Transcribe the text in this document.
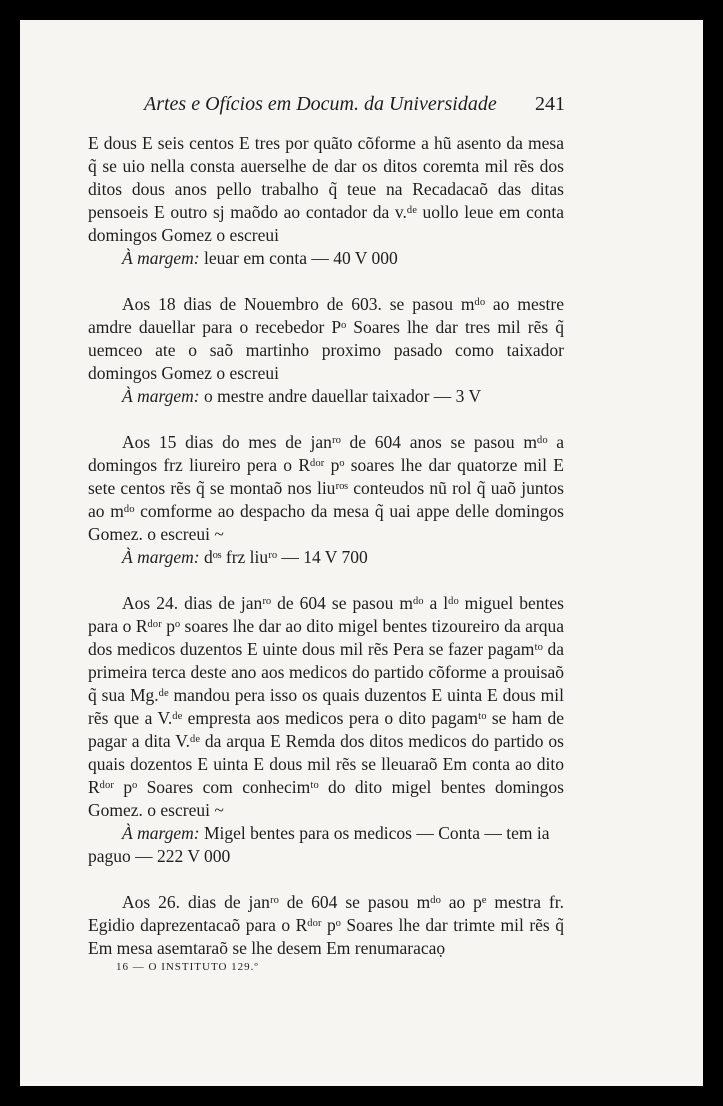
Artes e Ofícios em Docum. da Universidade	241

E dous E seis centos E tres por quãto cõforme a hũ asento da mesa q̃ se uio nella consta auerselhe de dar os ditos coremta mil rẽs dos ditos dous anos pello trabalho q̃ teue na Recadacaõ das ditas pensoeis E outro sj maõdo ao contador da v.ᵈᵉ uollo leue em conta domingos Gomez o escreui

À margem: leuar em conta — 40 V 000

Aos 18 dias de Nouembro de 603. se pasou mᵈᵒ ao mestre amdre dauellar para o recebedor Pᵒ Soares lhe dar tres mil rẽs q̃ uemceo ate o saõ martinho proximo pasado como taixador domingos Gomez o escreui

À margem: o mestre andre dauellar taixador — 3 V

Aos 15 dias do mes de janʳᵒ de 604 anos se pasou mᵈᵒ a domingos frz liureiro pera o Rᵈᵒʳ pᵒ soares lhe dar quatorze mil E sete centos rẽs q̃ se montaõ nos liuʳᵒˢ conteudos nũ rol q̃ uaõ juntos ao mᵈᵒ comforme ao despacho da mesa q̃ uai appe delle domingos Gomez. o escreui ~

À margem: dᵒˢ frz liuʳᵒ — 14 V 700

Aos 24. dias de janʳᵒ de 604 se pasou mᵈᵒ a lᵈᵒ miguel bentes para o Rᵈᵒʳ pᵒ soares lhe dar ao dito migel bentes tizoureiro da arqua dos medicos duzentos E uinte dous mil rẽs Pera se fazer pagamᵗᵒ da primeira terca deste ano aos medicos do partido cõforme a prouisaõ q̃ sua Mg.ᵈᵉ mandou pera isso os quais duzentos E uinta E dous mil rẽs que a V.ᵈᵉ empresta aos medicos pera o dito pagamᵗᵒ se ham de pagar a dita V.ᵈᵉ da arqua E Remda dos ditos medicos do partido os quais dozentos E uinta E dous mil rẽs se lleuaraõ Em conta ao dito Rᵈᵒʳ pᵒ Soares com conhecimᵗᵒ do dito migel bentes domingos Gomez. o escreui ~

À margem: Migel bentes para os medicos — Conta — tem ia paguo — 222 V 000

Aos 26. dias de janʳᵒ de 604 se pasou mᵈᵒ ao pᵉ mestra fr. Egidio daprezentacaõ para o Rᵈᵒʳ pᵒ Soares lhe dar trimte mil rẽs q̃ Em mesa asemtaraõ se lhe desem Em renumaracaọ

16 — O INSTITUTO 129.º
